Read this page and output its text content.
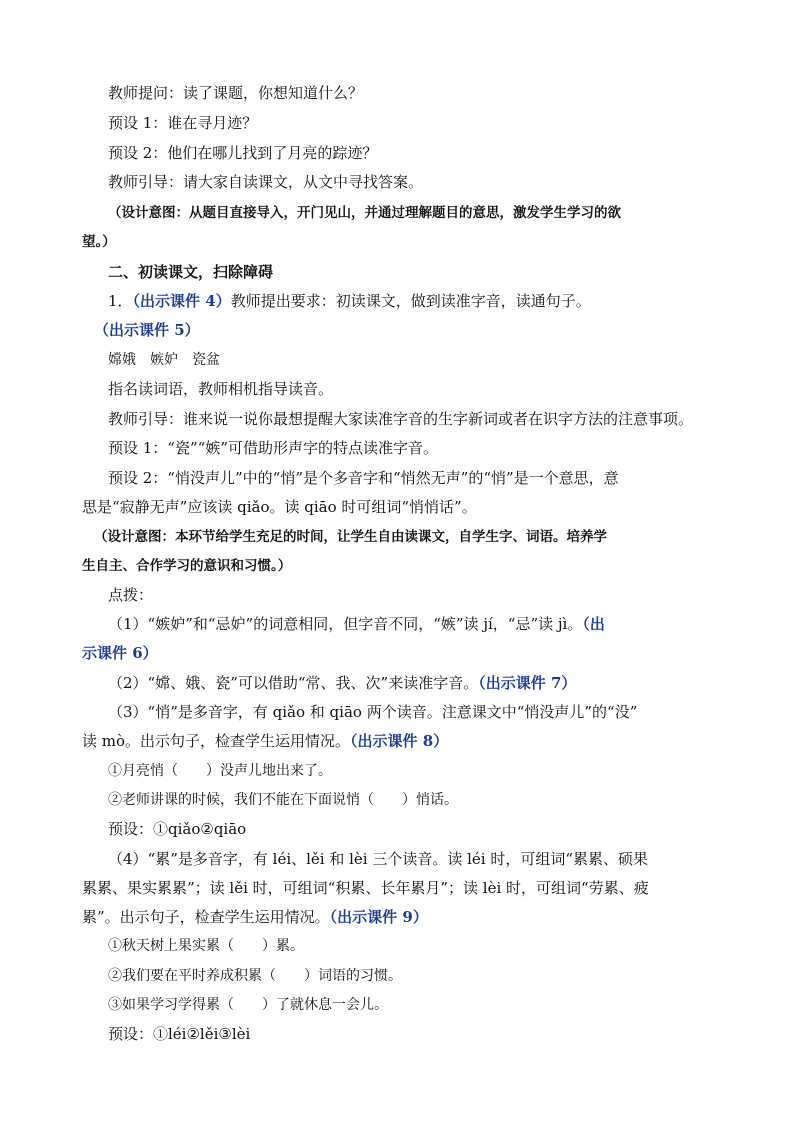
教师提问：读了课题，你想知道什么？
预设 1：谁在寻月迹？
预设 2：他们在哪儿找到了月亮的踪迹？
教师引导：请大家自读课文，从文中寻找答案。
（设计意图：从题目直接导入，开门见山，并通过理解题目的意思，激发学生学习的欲
望。）
二、初读课文，扫除障碍
1．（出示课件 4）教师提出要求：初读课文，做到读准字音，读通句子。
（出示课件 5）
嫦娥　嫉妒　瓷盆
指名读词语，教师相机指导读音。
教师引导：谁来说一说你最想提醒大家读准字音的生字新词或者在识字方法的注意事项。
预设 1：“瓷”“嫉”可借助形声字的特点读准字音。
预设 2：“悄没声儿”中的“悄”是个多音字和“悄然无声”的“悄”是一个意思，意
思是“寂静无声”应该读 qiǎo。读 qiāo 时可组词“悄悄话”。
（设计意图：本环节给学生充足的时间，让学生自由读课文，自学生字、词语。培养学
生自主、合作学习的意识和习惯。）
点拨：
（1）“嫉妒”和“忌妒”的词意相同，但字音不同，“嫉”读 jí，“忌”读 jì。（出
示课件 6）
（2）“嫦、娥、瓷”可以借助“常、我、次”来读准字音。（出示课件 7）
（3）“悄”是多音字，有 qiǎo 和 qiāo 两个读音。注意课文中“悄没声儿”的“没”
读 mò。出示句子，检查学生运用情况。（出示课件 8）
①月亮悄（　　）没声儿地出来了。
②老师讲课的时候，我们不能在下面说悄（　　）悄话。
预设：①qiǎo②qiāo
（4）“累”是多音字，有 léi、lěi 和 lèi 三个读音。读 léi 时，可组词“累累、硕果
累累、果实累累”；读 lěi 时，可组词“积累、长年累月”；读 lèi 时，可组词“劳累、疲
累”。出示句子，检查学生运用情况。（出示课件 9）
①秋天树上果实累（　　）累。
②我们要在平时养成积累（　　）词语的习惯。
③如果学习学得累（　　）了就休息一会儿。
预设：①léi②lěi③lèi
